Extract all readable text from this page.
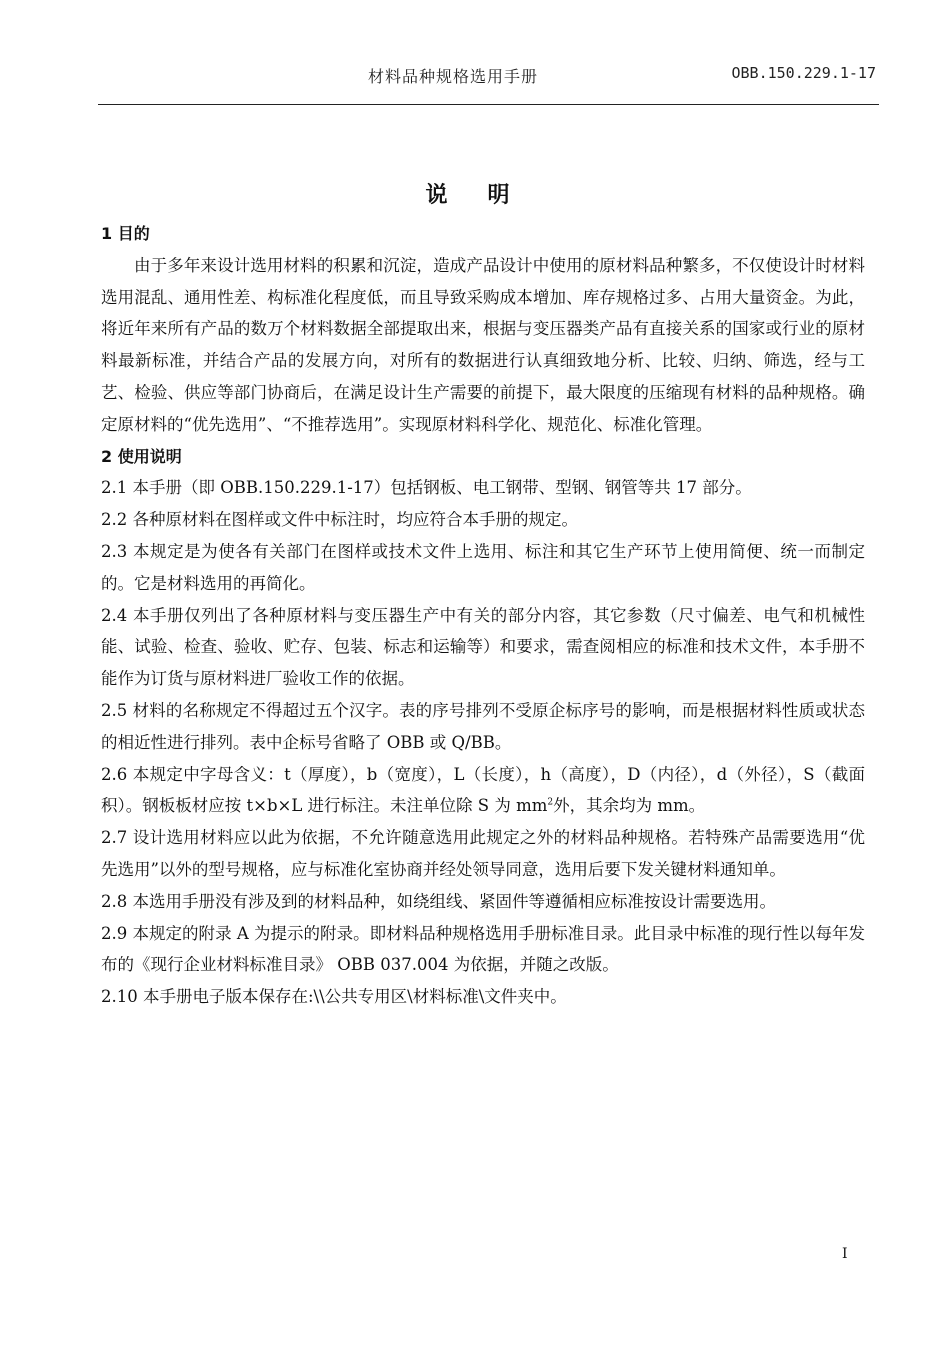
材料品种规格选用手册	OBB.150.229.1-17
说明

1 目的

由于多年来设计选用材料的积累和沉淀，造成产品设计中使用的原材料品种繁多，不仅使设计时材料选用混乱、通用性差、构标准化程度低，而且导致采购成本增加、库存规格过多、占用大量资金。为此，将近年来所有产品的数万个材料数据全部提取出来，根据与变压器类产品有直接关系的国家或行业的原材料最新标准，并结合产品的发展方向，对所有的数据进行认真细致地分析、比较、归纳、筛选，经与工艺、检验、供应等部门协商后，在满足设计生产需要的前提下，最大限度的压缩现有材料的品种规格。确定原材料的“优先选用”、“不推荐选用”。实现原材料科学化、规范化、标准化管理。

2 使用说明

2.1 本手册（即 OBB.150.229.1-17）包括钢板、电工钢带、型钢、钢管等共 17 部分。

2.2 各种原材料在图样或文件中标注时，均应符合本手册的规定。

2.3 本规定是为使各有关部门在图样或技术文件上选用、标注和其它生产环节上使用简便、统一而制定的。它是材料选用的再简化。

2.4 本手册仅列出了各种原材料与变压器生产中有关的部分内容，其它参数（尺寸偏差、电气和机械性能、试验、检查、验收、贮存、包装、标志和运输等）和要求，需查阅相应的标准和技术文件，本手册不能作为订货与原材料进厂验收工作的依据。

2.5 材料的名称规定不得超过五个汉字。表的序号排列不受原企标序号的影响，而是根据材料性质或状态的相近性进行排列。表中企标号省略了 OBB 或 Q/BB。

2.6 本规定中字母含义：t（厚度），b（宽度），L（长度），h（高度），D（内径），d（外径），S（截面积）。钢板板材应按 t×b×L 进行标注。未注单位除 S 为 $mm^2$外，其余均为 mm。

2.7 设计选用材料应以此为依据，不允许随意选用此规定之外的材料品种规格。若特殊产品需要选用“优先选用”以外的型号规格，应与标准化室协商并经处领导同意，选用后要下发关键材料通知单。

2.8 本选用手册没有涉及到的材料品种，如绕组线、紧固件等遵循相应标准按设计需要选用。

2.9 本规定的附录 A 为提示的附录。即材料品种规格选用手册标准目录。此目录中标准的现行性以每年发布的《现行企业材料标准目录》 OBB 037.004 为依据，并随之改版。

2.10 本手册电子版本保存在:\\公共专用区\材料标准\文件夹中。

I
